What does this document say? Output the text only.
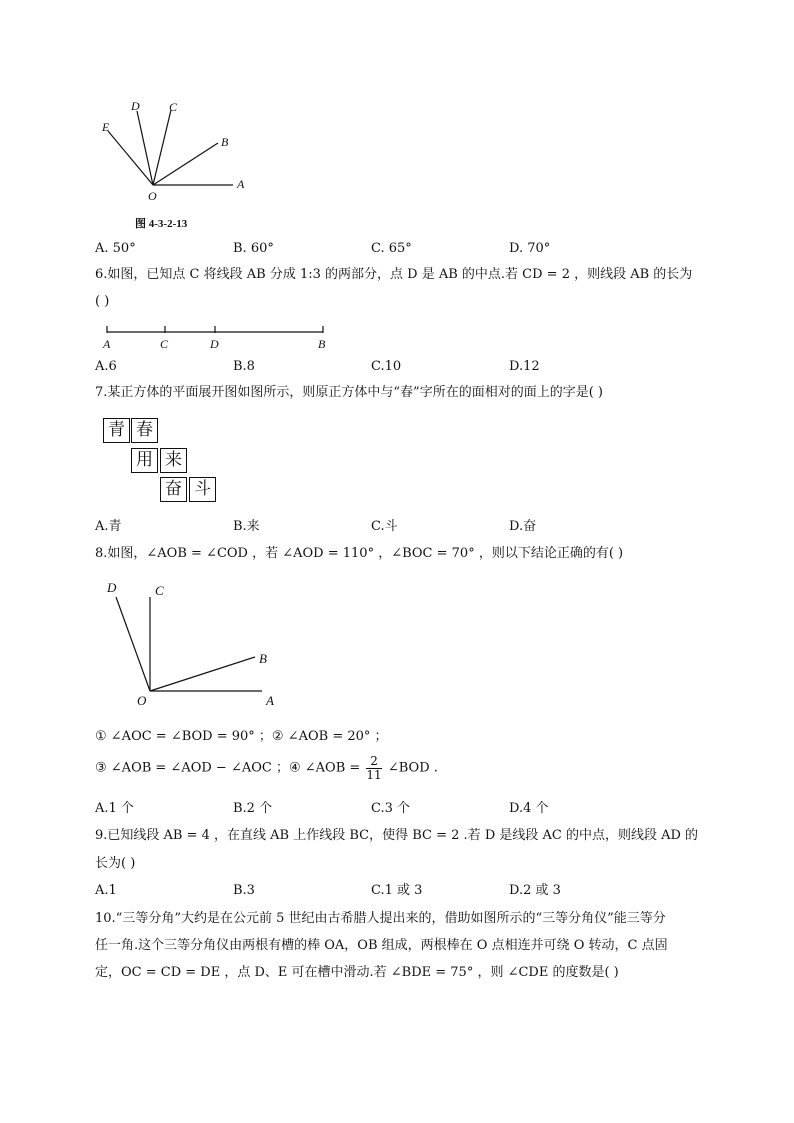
E
D C
B
O
A
图 4-3-2-13
A. 50°	B. 60°	C. 65°	D. 70°
6.如图，已知点 C 将线段 AB 分成 1:3 的两部分，点 D 是 AB 的中点.若 CD = 2 ，则线段 AB 的长为
( )
A	C	D	B
A.6	B.8	C.10	D.12
7.某正方体的平面展开图如图所示，则原正方体中与“春”字所在的面相对的面上的字是( )
青 春
用 来
奋 斗
A.青	B.来	C.斗	D.奋
8.如图，∠AOB = ∠COD ，若 ∠AOD = 110° ，∠BOC = 70° ，则以下结论正确的有( )
D	C
B
O	A
① ∠AOC = ∠BOD = 90° ；② ∠AOB = 20° ；
③ ∠AOB = ∠AOD − ∠AOC ；④ ∠AOB = $\frac{2}{11}$ ∠BOD .
A.1 个	B.2 个	C.3 个	D.4 个
9.已知线段 AB = 4 ，在直线 AB 上作线段 BC，使得 BC = 2 .若 D 是线段 AC 的中点，则线段 AD 的
长为( )
A.1	B.3	C.1 或 3	D.2 或 3
10.“三等分角”大约是在公元前 5 世纪由古希腊人提出来的，借助如图所示的“三等分角仪”能三等分
任一角.这个三等分角仪由两根有槽的棒 OA，OB 组成，两根棒在 O 点相连并可绕 O 转动，C 点固
定，OC = CD = DE ，点 D、E 可在槽中滑动.若 ∠BDE = 75° ，则 ∠CDE 的度数是( )
